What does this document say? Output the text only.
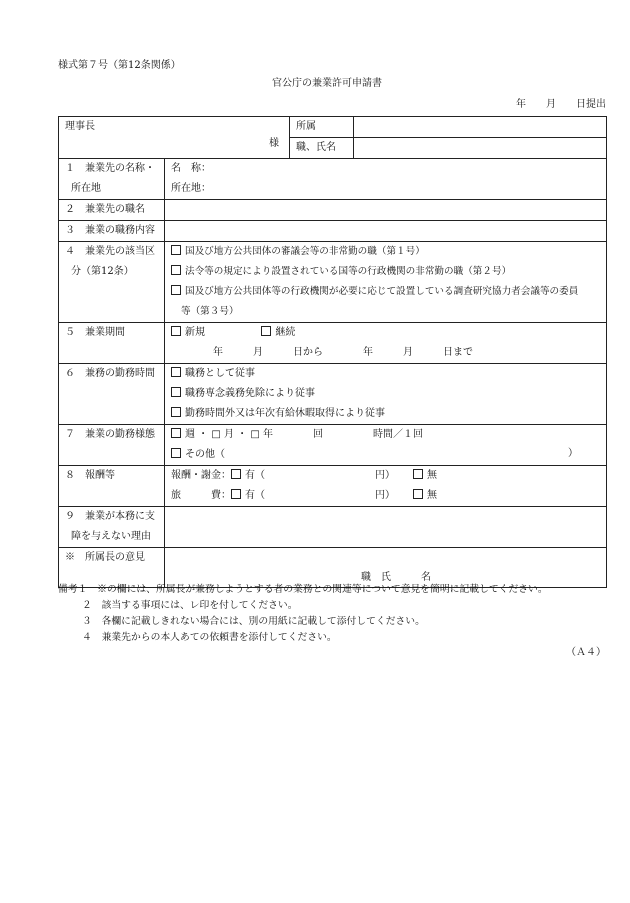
様式第７号（第12条関係）
官公庁の兼業許可申請書
年　　月　　日提出
理事長
様		所属	
		職、氏名	

１　兼業先の名称・
所在地	名　称：
所在地：		

２　兼業先の職名			
３　兼業の職務内容			

４　兼業先の該当区
分（第12条）	国及び地方公共団体の審議会等の非常勤の職（第１号）
法令等の規定により設置されている国等の行政機関の非常勤の職（第２号）
国及び地方公共団体等の行政機関が必要に応じて設置している調査研究協力者会議等の委員
等（第３号）		

５　兼業期間	新規 継続
年　　　月　　　日から　　　　年　　　月　　　日まで		

６　兼務の勤務時間	職務として従事
職務専念義務免除により従事
勤務時間外又は年次有給休暇取得により従事		

７　兼業の勤務様態	週 ・ □ 月 ・ □ 年　　　　回　　　　　時間／１回
その他（ ）		

８　報酬等	報酬・謝金： 有（ 円） 無
旅　　　費： 有（ 円） 無		

９　兼業が本務に支
障を与えない理由			

※　所属長の意見	職　氏　　　名		
備考１　※の欄には、所属長が兼務しようとする者の業務との関連等について意見を簡明に記載してください。
２　該当する事項には、レ印を付してください。
３　各欄に記載しきれない場合には、別の用紙に記載して添付してください。
４　兼業先からの本人あての依頼書を添付してください。
（Ａ４）
